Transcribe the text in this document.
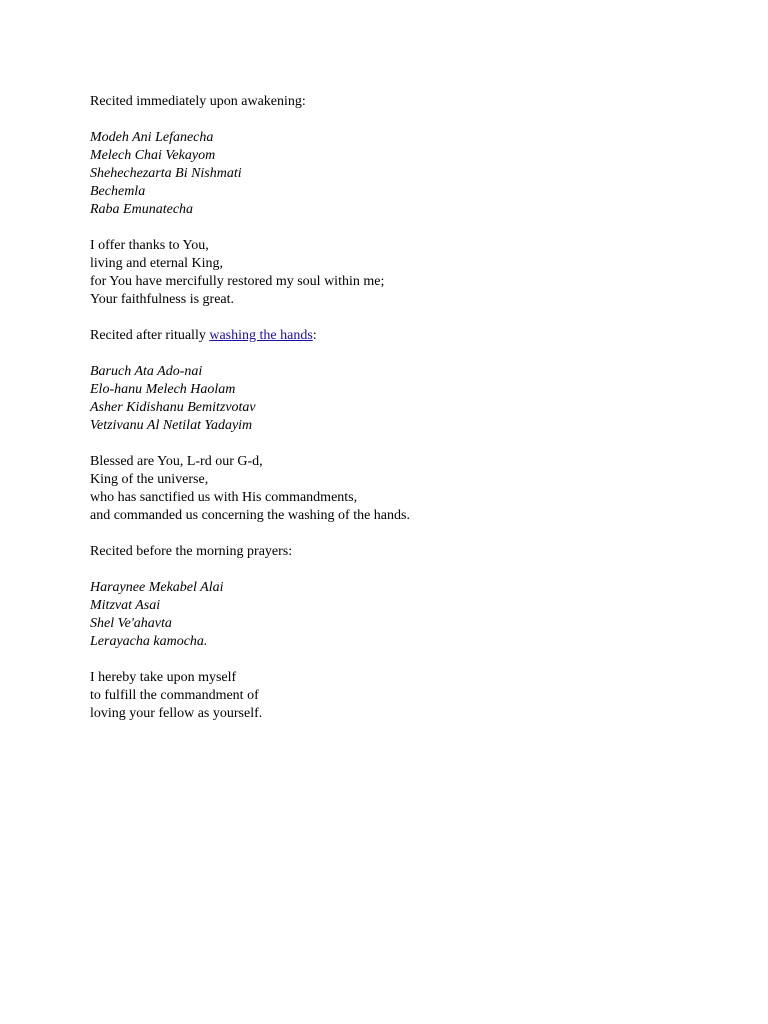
Recited immediately upon awakening:
Modeh Ani Lefanecha
Melech Chai Vekayom
Shehechezarta Bi Nishmati
Bechemla
Raba Emunatecha
I offer thanks to You,
living and eternal King,
for You have mercifully restored my soul within me;
Your faithfulness is great.
Recited after ritually washing the hands:
Baruch Ata Ado-nai
Elo-hanu Melech Haolam
Asher Kidishanu Bemitzvotav
Vetzivanu Al Netilat Yadayim
Blessed are You, L-rd our G-d,
King of the universe,
who has sanctified us with His commandments,
and commanded us concerning the washing of the hands.
Recited before the morning prayers:
Haraynee Mekabel Alai
Mitzvat Asai
Shel Ve'ahavta
Lerayacha kamocha.
I hereby take upon myself
to fulfill the commandment of
loving your fellow as yourself.
